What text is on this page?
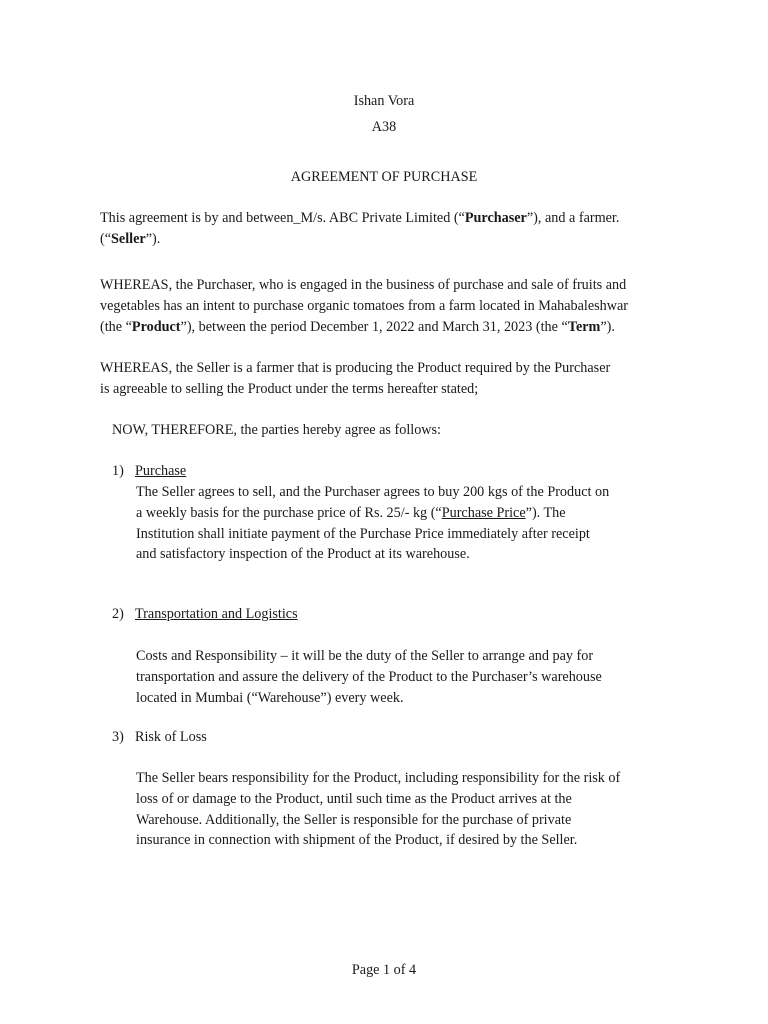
Ishan Vora
A38
AGREEMENT OF PURCHASE
This agreement is by and between_M/s. ABC Private Limited (“Purchaser”), and a farmer.
(“Seller”).
WHEREAS, the Purchaser, who is engaged in the business of purchase and sale of fruits and
vegetables has an intent to purchase organic tomatoes from a farm located in Mahabaleshwar
(the “Product”), between the period December 1, 2022 and March 31, 2023 (the “Term”).
WHEREAS, the Seller is a farmer that is producing the Product required by the Purchaser
is agreeable to selling the Product under the terms hereafter stated;
NOW, THEREFORE, the parties hereby agree as follows:
1) Purchase
The Seller agrees to sell, and the Purchaser agrees to buy 200 kgs of the Product on
a weekly basis for the purchase price of Rs. 25/- kg (“Purchase Price”). The
Institution shall initiate payment of the Purchase Price immediately after receipt
and satisfactory inspection of the Product at its warehouse.
2) Transportation and Logistics
Costs and Responsibility – it will be the duty of the Seller to arrange and pay for
transportation and assure the delivery of the Product to the Purchaser’s warehouse
located in Mumbai (“Warehouse”) every week.
3) Risk of Loss
The Seller bears responsibility for the Product, including responsibility for the risk of
loss of or damage to the Product, until such time as the Product arrives at the
Warehouse. Additionally, the Seller is responsible for the purchase of private
insurance in connection with shipment of the Product, if desired by the Seller.
Page 1 of 4
